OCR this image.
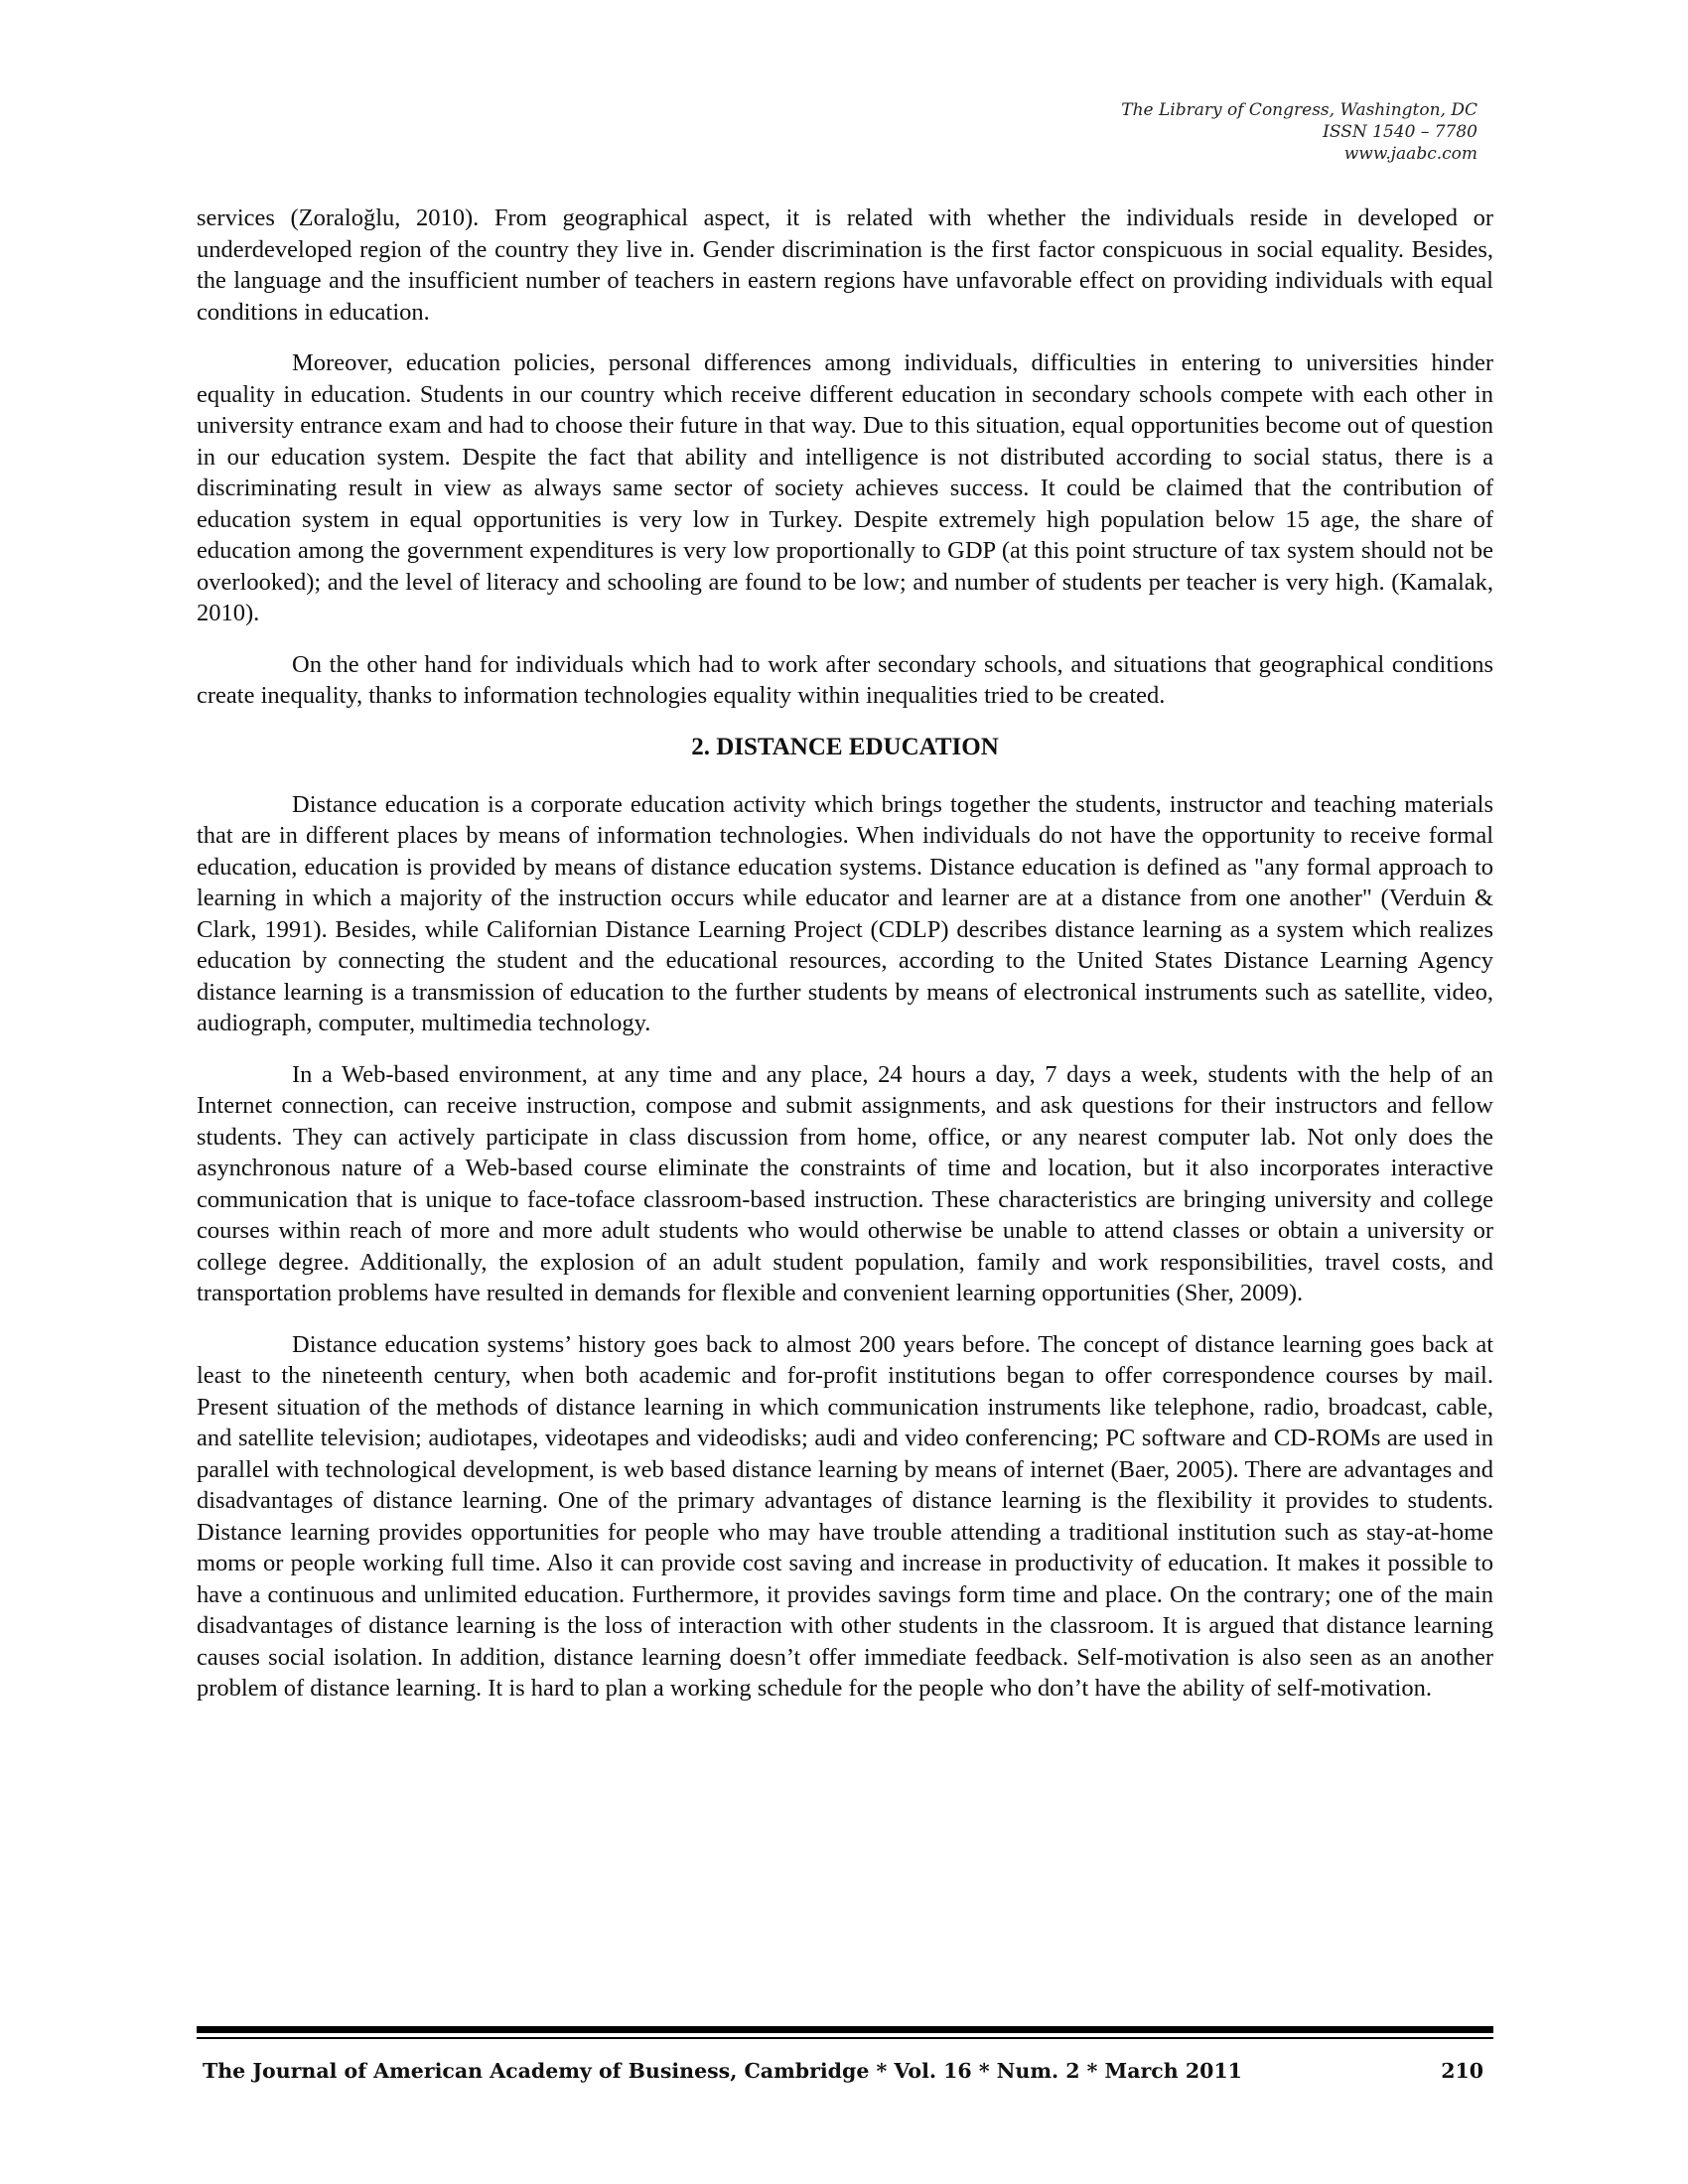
The Library of Congress, Washington, DC
ISSN 1540 – 7780
www.jaabc.com

services (Zoraloğlu, 2010). From geographical aspect, it is related with whether the individuals reside in developed or underdeveloped region of the country they live in. Gender discrimination is the first factor conspicuous in social equality. Besides, the language and the insufficient number of teachers in eastern regions have unfavorable effect on providing individuals with equal conditions in education.

Moreover, education policies, personal differences among individuals, difficulties in entering to universities hinder equality in education. Students in our country which receive different education in secondary schools compete with each other in university entrance exam and had to choose their future in that way. Due to this situation, equal opportunities become out of question in our education system. Despite the fact that ability and intelligence is not distributed according to social status, there is a discriminating result in view as always same sector of society achieves success. It could be claimed that the contribution of education system in equal opportunities is very low in Turkey. Despite extremely high population below 15 age, the share of education among the government expenditures is very low proportionally to GDP (at this point structure of tax system should not be overlooked); and the level of literacy and schooling are found to be low; and number of students per teacher is very high. (Kamalak, 2010).

On the other hand for individuals which had to work after secondary schools, and situations that geographical conditions create inequality, thanks to information technologies equality within inequalities tried to be created.

2. DISTANCE EDUCATION

Distance education is a corporate education activity which brings together the students, instructor and teaching materials that are in different places by means of information technologies. When individuals do not have the opportunity to receive formal education, education is provided by means of distance education systems. Distance education is defined as "any formal approach to learning in which a majority of the instruction occurs while educator and learner are at a distance from one another" (Verduin & Clark, 1991). Besides, while Californian Distance Learning Project (CDLP) describes distance learning as a system which realizes education by connecting the student and the educational resources, according to the United States Distance Learning Agency distance learning is a transmission of education to the further students by means of electronical instruments such as satellite, video, audiograph, computer, multimedia technology.

In a Web-based environment, at any time and any place, 24 hours a day, 7 days a week, students with the help of an Internet connection, can receive instruction, compose and submit assignments, and ask questions for their instructors and fellow students. They can actively participate in class discussion from home, office, or any nearest computer lab. Not only does the asynchronous nature of a Web-based course eliminate the constraints of time and location, but it also incorporates interactive communication that is unique to face-toface classroom-based instruction. These characteristics are bringing university and college courses within reach of more and more adult students who would otherwise be unable to attend classes or obtain a university or college degree. Additionally, the explosion of an adult student population, family and work responsibilities, travel costs, and transportation problems have resulted in demands for flexible and convenient learning opportunities (Sher, 2009).

Distance education systems’ history goes back to almost 200 years before. The concept of distance learning goes back at least to the nineteenth century, when both academic and for-profit institutions began to offer correspondence courses by mail. Present situation of the methods of distance learning in which communication instruments like telephone, radio, broadcast, cable, and satellite television; audiotapes, videotapes and videodisks; audi and video conferencing; PC software and CD-ROMs are used in parallel with technological development, is web based distance learning by means of internet (Baer, 2005). There are advantages and disadvantages of distance learning. One of the primary advantages of distance learning is the flexibility it provides to students. Distance learning provides opportunities for people who may have trouble attending a traditional institution such as stay-at-home moms or people working full time. Also it can provide cost saving and increase in productivity of education. It makes it possible to have a continuous and unlimited education. Furthermore, it provides savings form time and place. On the contrary; one of the main disadvantages of distance learning is the loss of interaction with other students in the classroom. It is argued that distance learning causes social isolation. In addition, distance learning doesn’t offer immediate feedback. Self-motivation is also seen as an another problem of distance learning. It is hard to plan a working schedule for the people who don’t have the ability of self-motivation.

The Journal of American Academy of Business, Cambridge * Vol. 16 * Num. 2 * March 2011	210
